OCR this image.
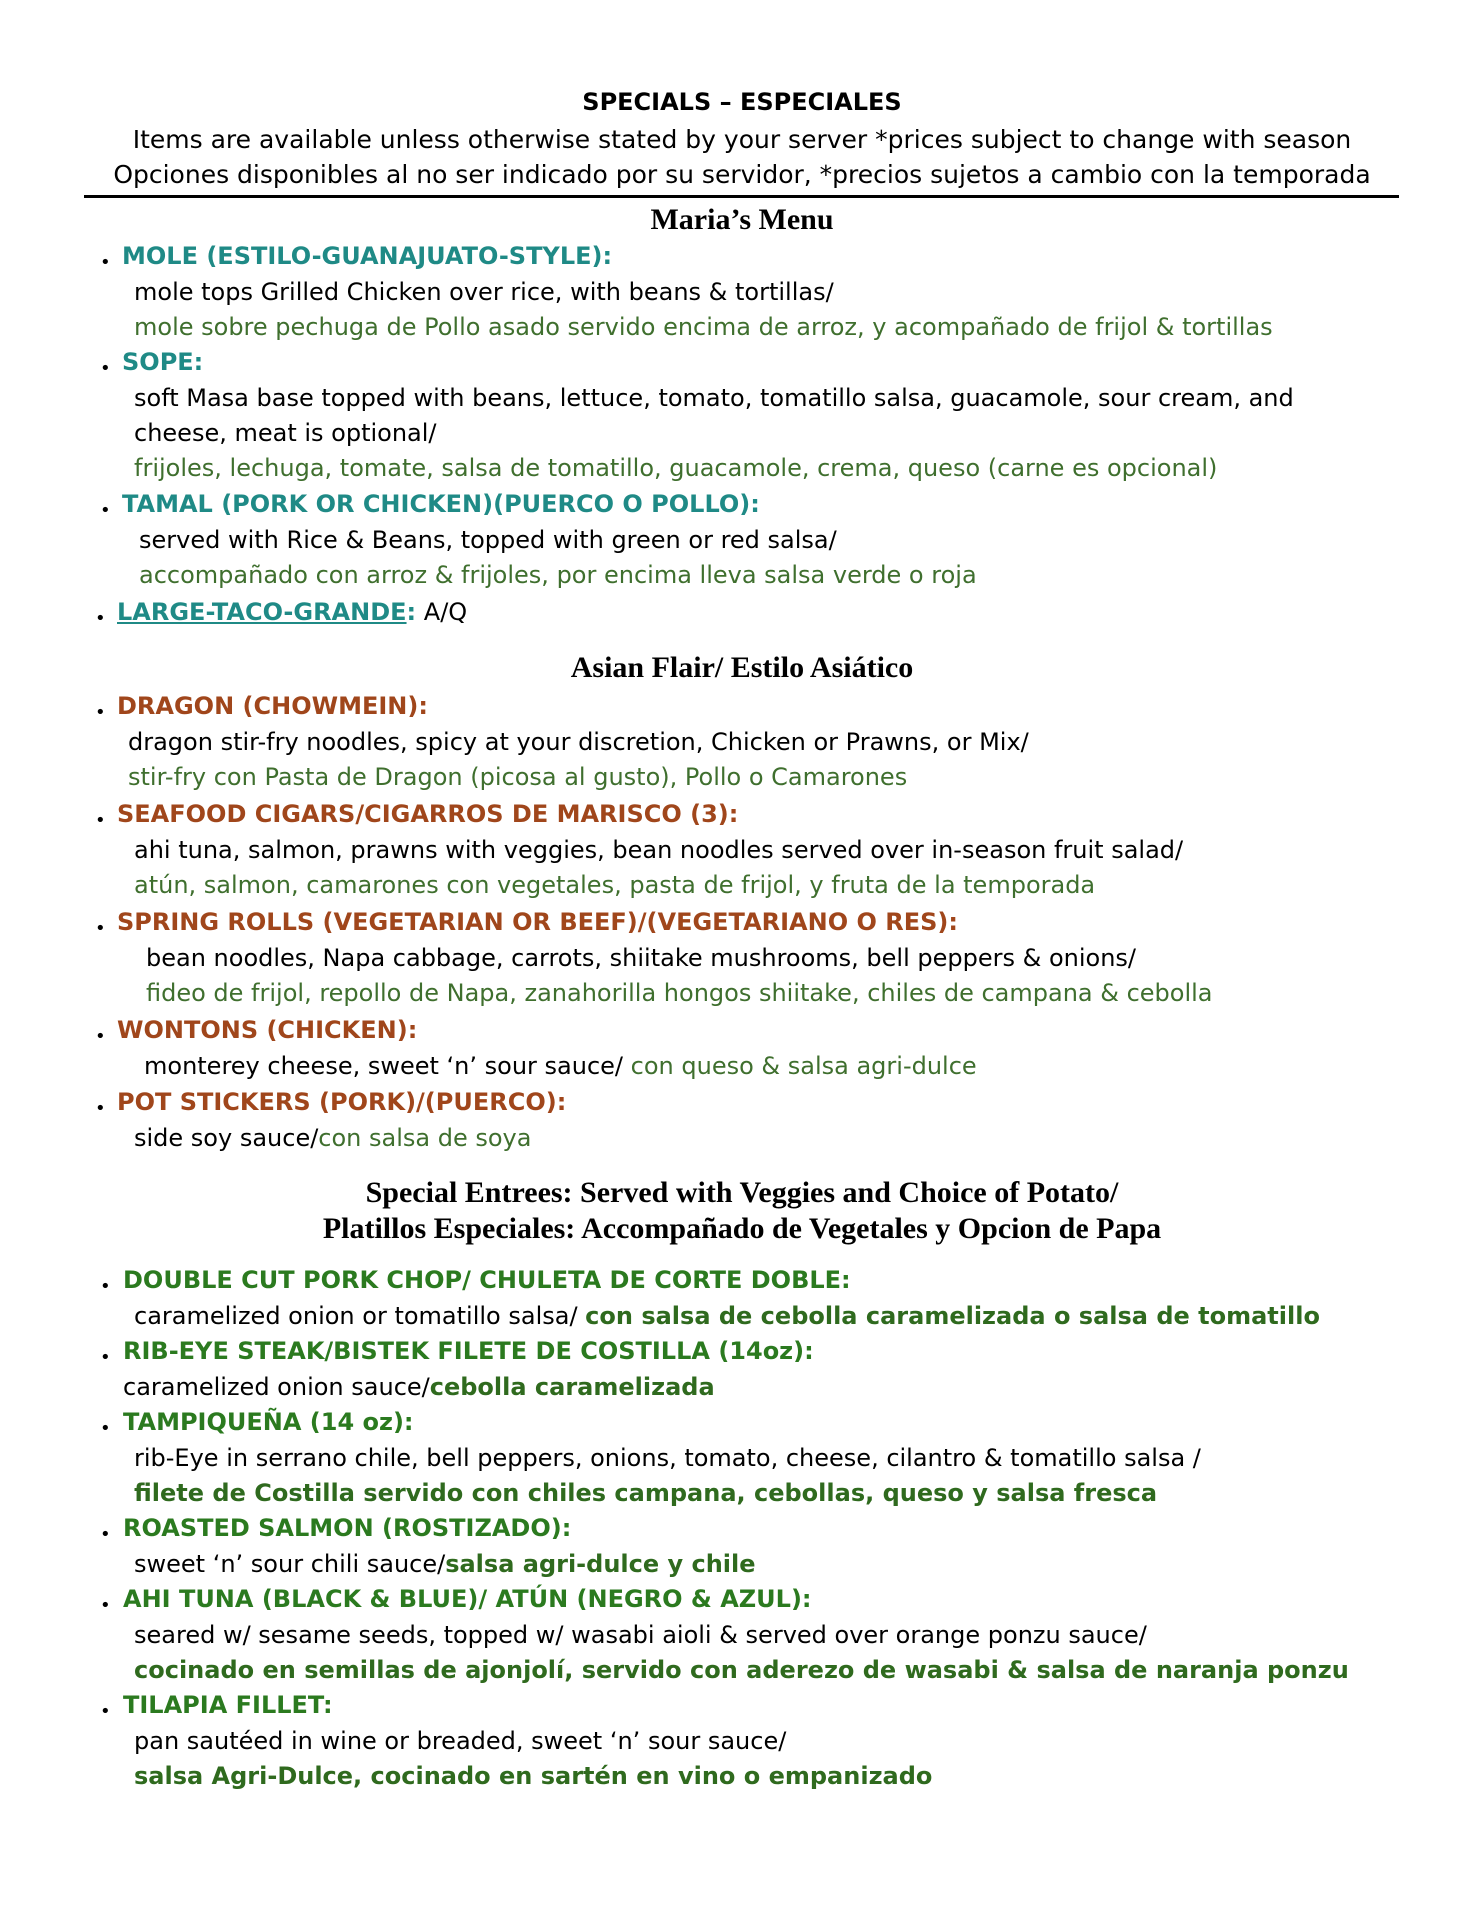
SPECIALS – ESPECIALES
Items are available unless otherwise stated by your server *prices subject to change with season
Opciones disponibles al no ser indicado por su servidor, *precios sujetos a cambio con la temporada
Maria’s Menu
• MOLE (ESTILO-GUANAJUATO-STYLE):
mole tops Grilled Chicken over rice, with beans & tortillas/
mole sobre pechuga de Pollo asado servido encima de arroz, y acompañado de frijol & tortillas
• SOPE:
soft Masa base topped with beans, lettuce, tomato, tomatillo salsa, guacamole, sour cream, and
cheese, meat is optional/
frijoles, lechuga, tomate, salsa de tomatillo, guacamole, crema, queso (carne es opcional)
• TAMAL (PORK OR CHICKEN)(PUERCO O POLLO):
served with Rice & Beans, topped with green or red salsa/
accompañado con arroz & frijoles, por encima lleva salsa verde o roja
• LARGE-TACO-GRANDE: A/Q
Asian Flair/ Estilo Asiático
• DRAGON (CHOWMEIN):
dragon stir-fry noodles, spicy at your discretion, Chicken or Prawns, or Mix/
stir-fry con Pasta de Dragon (picosa al gusto), Pollo o Camarones
• SEAFOOD CIGARS/CIGARROS DE MARISCO (3):
ahi tuna, salmon, prawns with veggies, bean noodles served over in-season fruit salad/
atún, salmon, camarones con vegetales, pasta de frijol, y fruta de la temporada
• SPRING ROLLS (VEGETARIAN OR BEEF)/(VEGETARIANO O RES):
bean noodles, Napa cabbage, carrots, shiitake mushrooms, bell peppers & onions/
fideo de frijol, repollo de Napa, zanahorilla hongos shiitake, chiles de campana & cebolla
• WONTONS (CHICKEN):
monterey cheese, sweet ‘n’ sour sauce/ con queso & salsa agri-dulce
• POT STICKERS (PORK)/(PUERCO):
side soy sauce/con salsa de soya
Special Entrees: Served with Veggies and Choice of Potato/
Platillos Especiales: Accompañado de Vegetales y Opcion de Papa
• DOUBLE CUT PORK CHOP/ CHULETA DE CORTE DOBLE:
caramelized onion or tomatillo salsa/ con salsa de cebolla caramelizada o salsa de tomatillo
• RIB-EYE STEAK/BISTEK FILETE DE COSTILLA (14oz):
caramelized onion sauce/cebolla caramelizada
• TAMPIQUEÑA (14 oz):
rib-Eye in serrano chile, bell peppers, onions, tomato, cheese, cilantro & tomatillo salsa /
filete de Costilla servido con chiles campana, cebollas, queso y salsa fresca
• ROASTED SALMON (ROSTIZADO):
sweet ‘n’ sour chili sauce/salsa agri-dulce y chile
• AHI TUNA (BLACK & BLUE)/ ATÚN (NEGRO & AZUL):
seared w/ sesame seeds, topped w/ wasabi aioli & served over orange ponzu sauce/
cocinado en semillas de ajonjolí, servido con aderezo de wasabi & salsa de naranja ponzu
• TILAPIA FILLET:
pan sautéed in wine or breaded, sweet ‘n’ sour sauce/
salsa Agri-Dulce, cocinado en sartén en vino o empanizado
